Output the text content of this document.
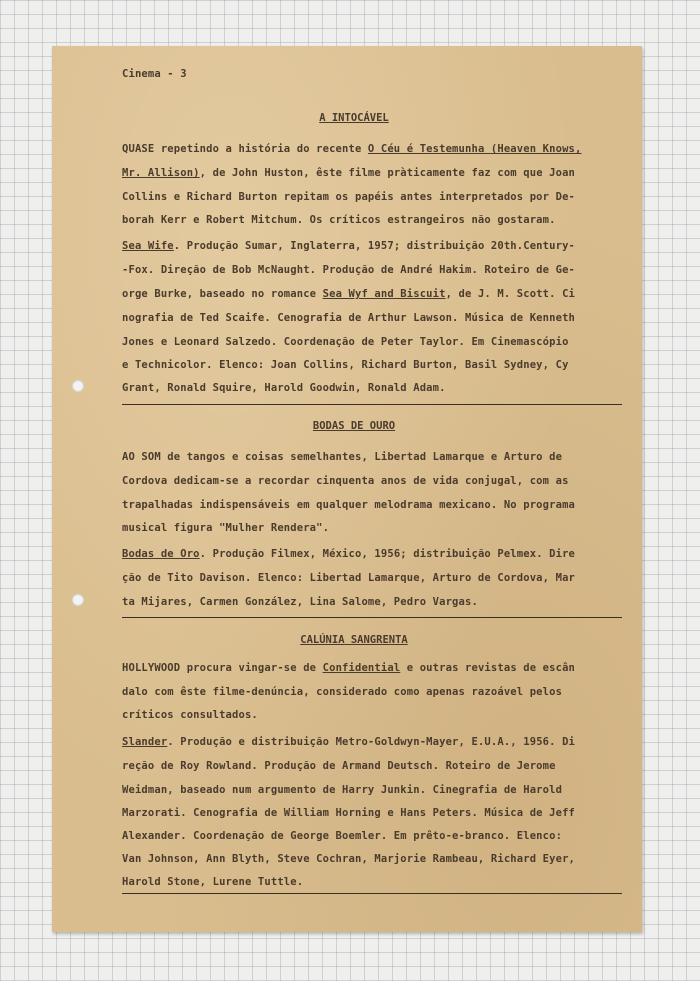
Cinema - 3
A INTOCÁVEL
QUASE repetindo a história do recente O Céu é Testemunha (Heaven Knows,
Mr. Allison), de John Huston, êste filme pràticamente faz com que Joan
Collins e Richard Burton repitam os papéis antes interpretados por De-
borah Kerr e Robert Mitchum. Os críticos estrangeiros não gostaram.
Sea Wife. Produção Sumar, Inglaterra, 1957; distribuição 20th.Century-
-Fox. Direção de Bob McNaught. Produção de André Hakim. Roteiro de Ge-
orge Burke, baseado no romance Sea Wyf and Biscuit, de J. M. Scott. Ci
nografia de Ted Scaife. Cenografia de Arthur Lawson. Música de Kenneth
Jones e Leonard Salzedo. Coordenação de Peter Taylor. Em Cinemascópio
e Technicolor. Elenco: Joan Collins, Richard Burton, Basil Sydney, Cy
Grant, Ronald Squire, Harold Goodwin, Ronald Adam.
BODAS DE OURO
AO SOM de tangos e coisas semelhantes, Libertad Lamarque e Arturo de
Cordova dedicam-se a recordar cinquenta anos de vida conjugal, com as
trapalhadas indispensáveis em qualquer melodrama mexicano. No programa
musical figura "Mulher Rendera".
Bodas de Oro. Produção Filmex, México, 1956; distribuição Pelmex. Dire
ção de Tito Davison. Elenco: Libertad Lamarque, Arturo de Cordova, Mar
ta Mijares, Carmen González, Lina Salome, Pedro Vargas.
CALÚNIA SANGRENTA
HOLLYWOOD procura vingar-se de Confidential e outras revistas de escân
dalo com êste filme-denúncia, considerado como apenas razoável pelos
críticos consultados.
Slander. Produção e distribuição Metro-Goldwyn-Mayer, E.U.A., 1956. Di
reção de Roy Rowland. Produção de Armand Deutsch. Roteiro de Jerome
Weidman, baseado num argumento de Harry Junkin. Cinegrafia de Harold
Marzorati. Cenografia de William Horning e Hans Peters. Música de Jeff
Alexander. Coordenação de George Boemler. Em prêto-e-branco. Elenco:
Van Johnson, Ann Blyth, Steve Cochran, Marjorie Rambeau, Richard Eyer,
Harold Stone, Lurene Tuttle.
